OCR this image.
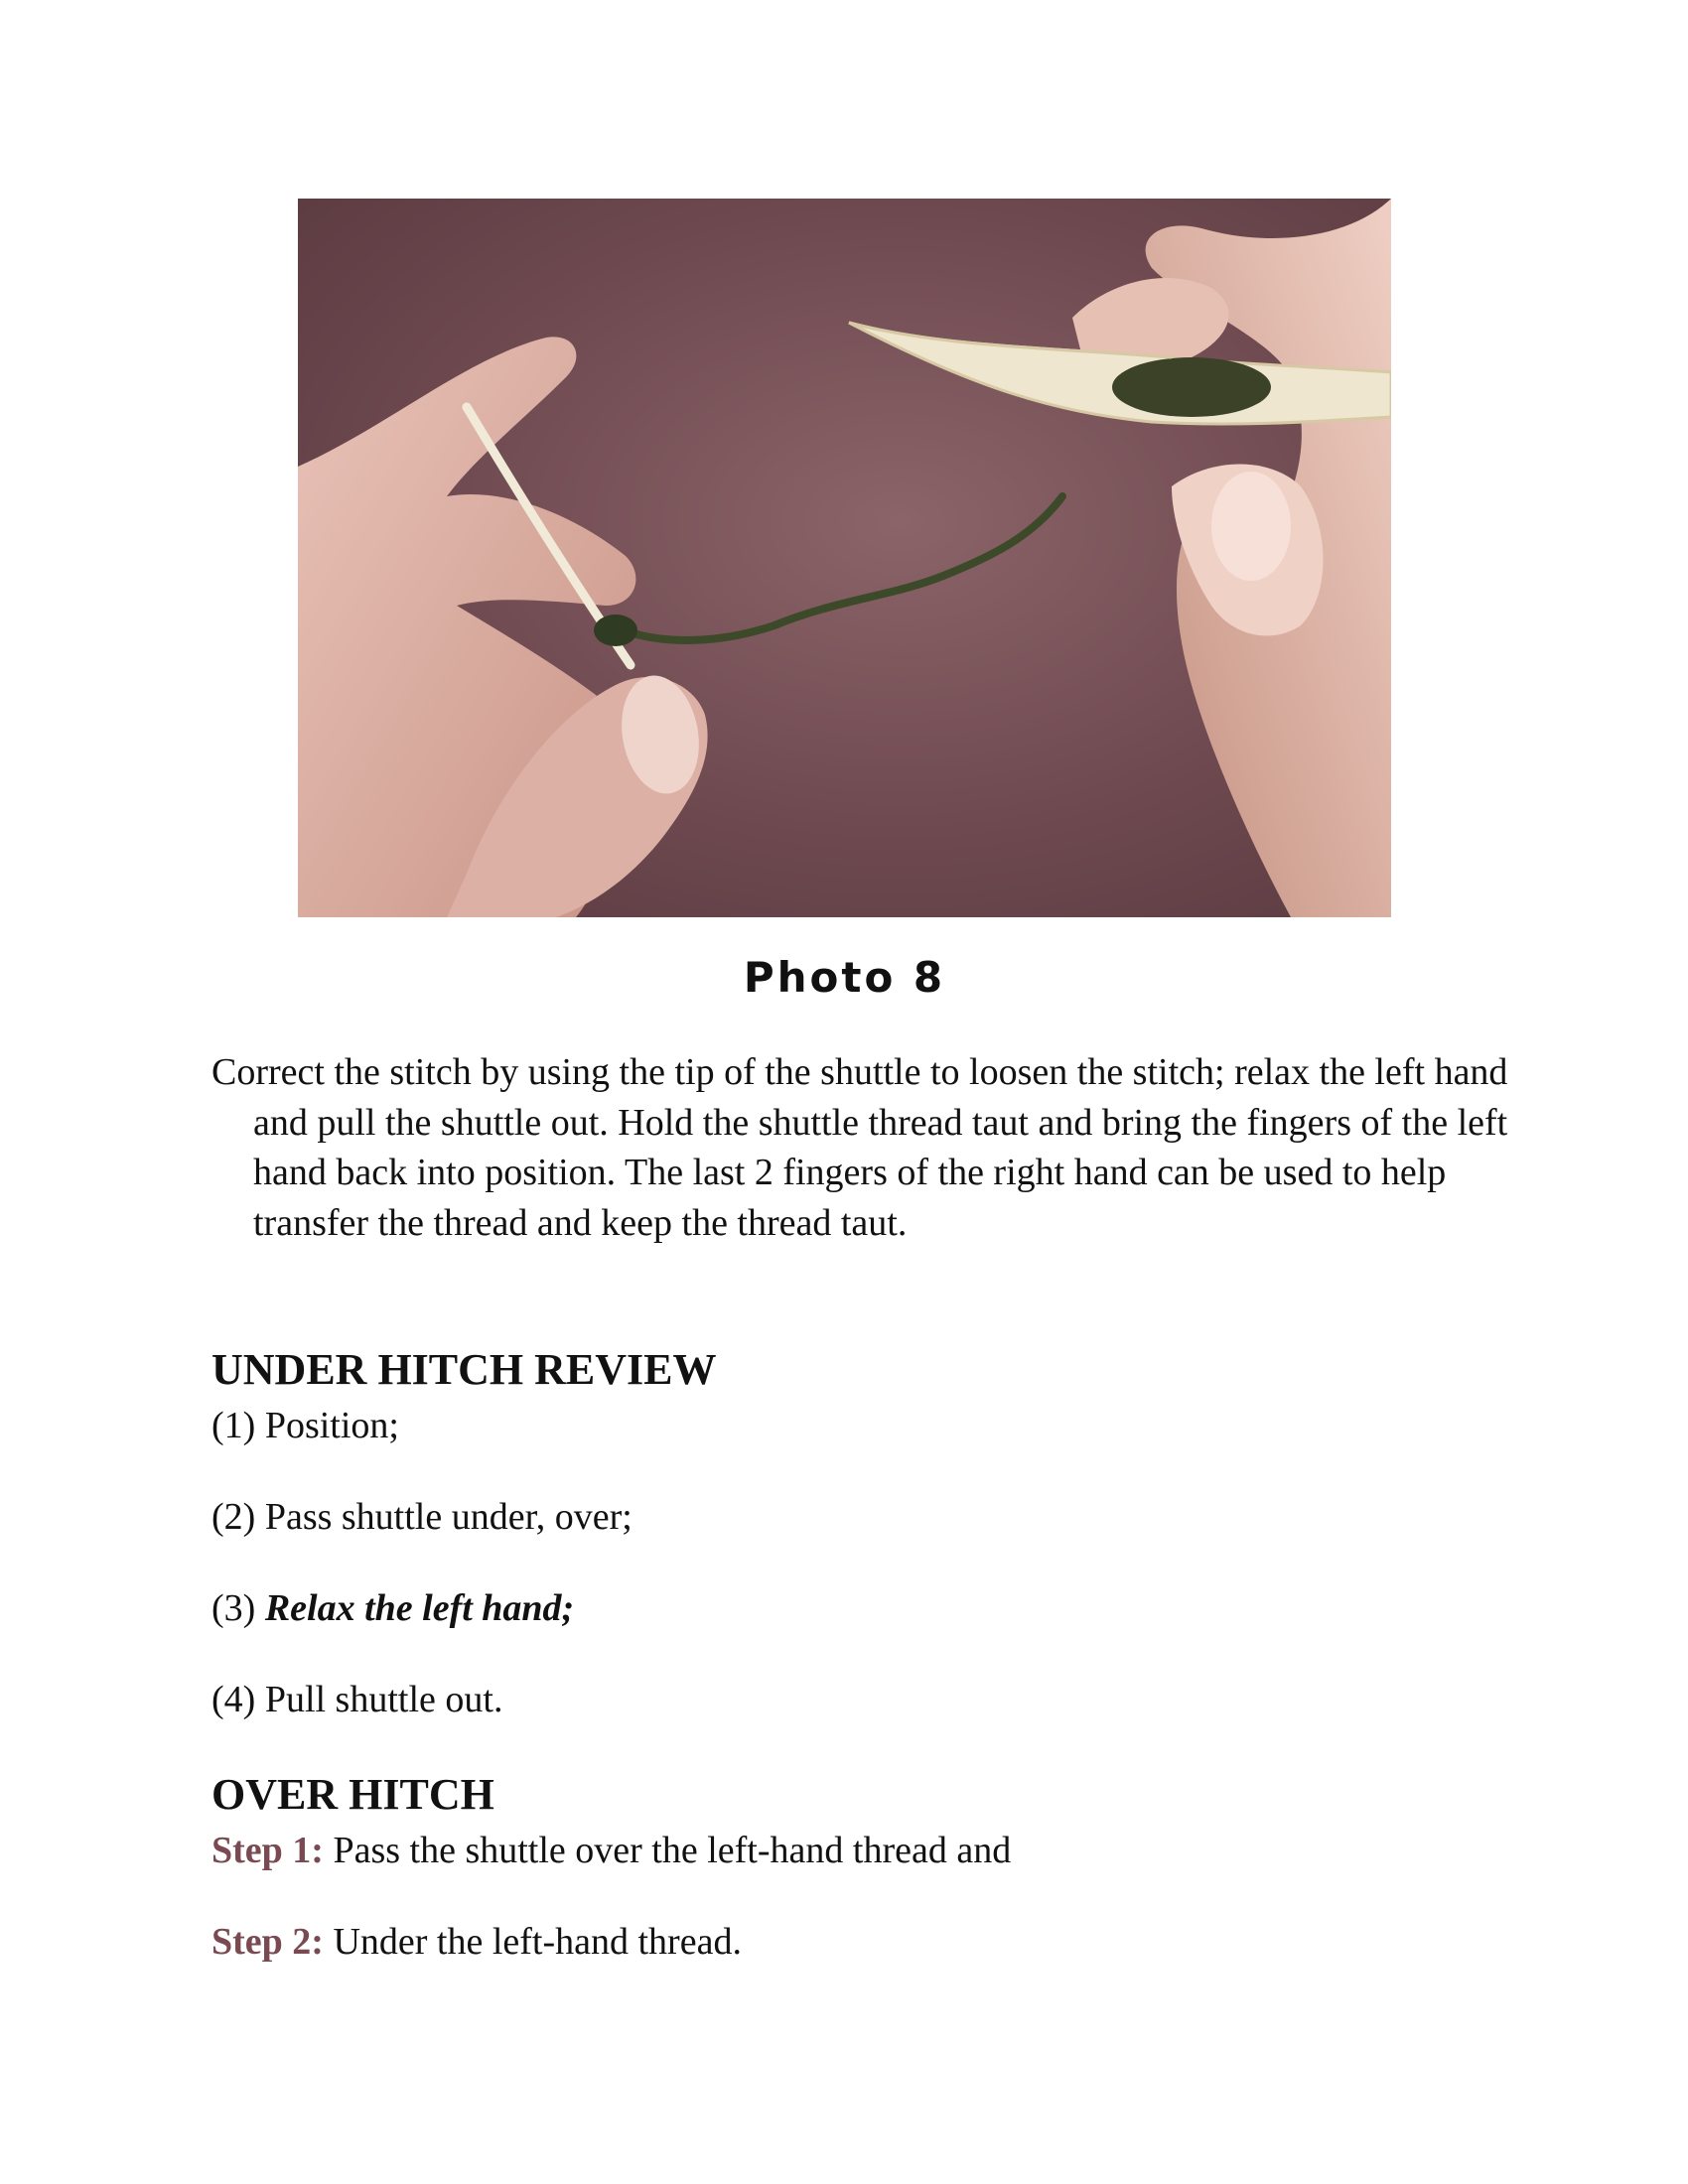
Photo 8
Correct the stitch by using the tip of the shuttle to loosen the stitch; relax the left hand and pull the shuttle out. Hold the shuttle thread taut and bring the fingers of the left hand back into position. The last 2 fingers of the right hand can be used to help transfer the thread and keep the thread taut.
UNDER HITCH REVIEW
(1) Position;
(2) Pass shuttle under, over;
(3) Relax the left hand;
(4) Pull shuttle out.
OVER HITCH
Step 1: Pass the shuttle over the left-hand thread and
Step 2: Under the left-hand thread.
